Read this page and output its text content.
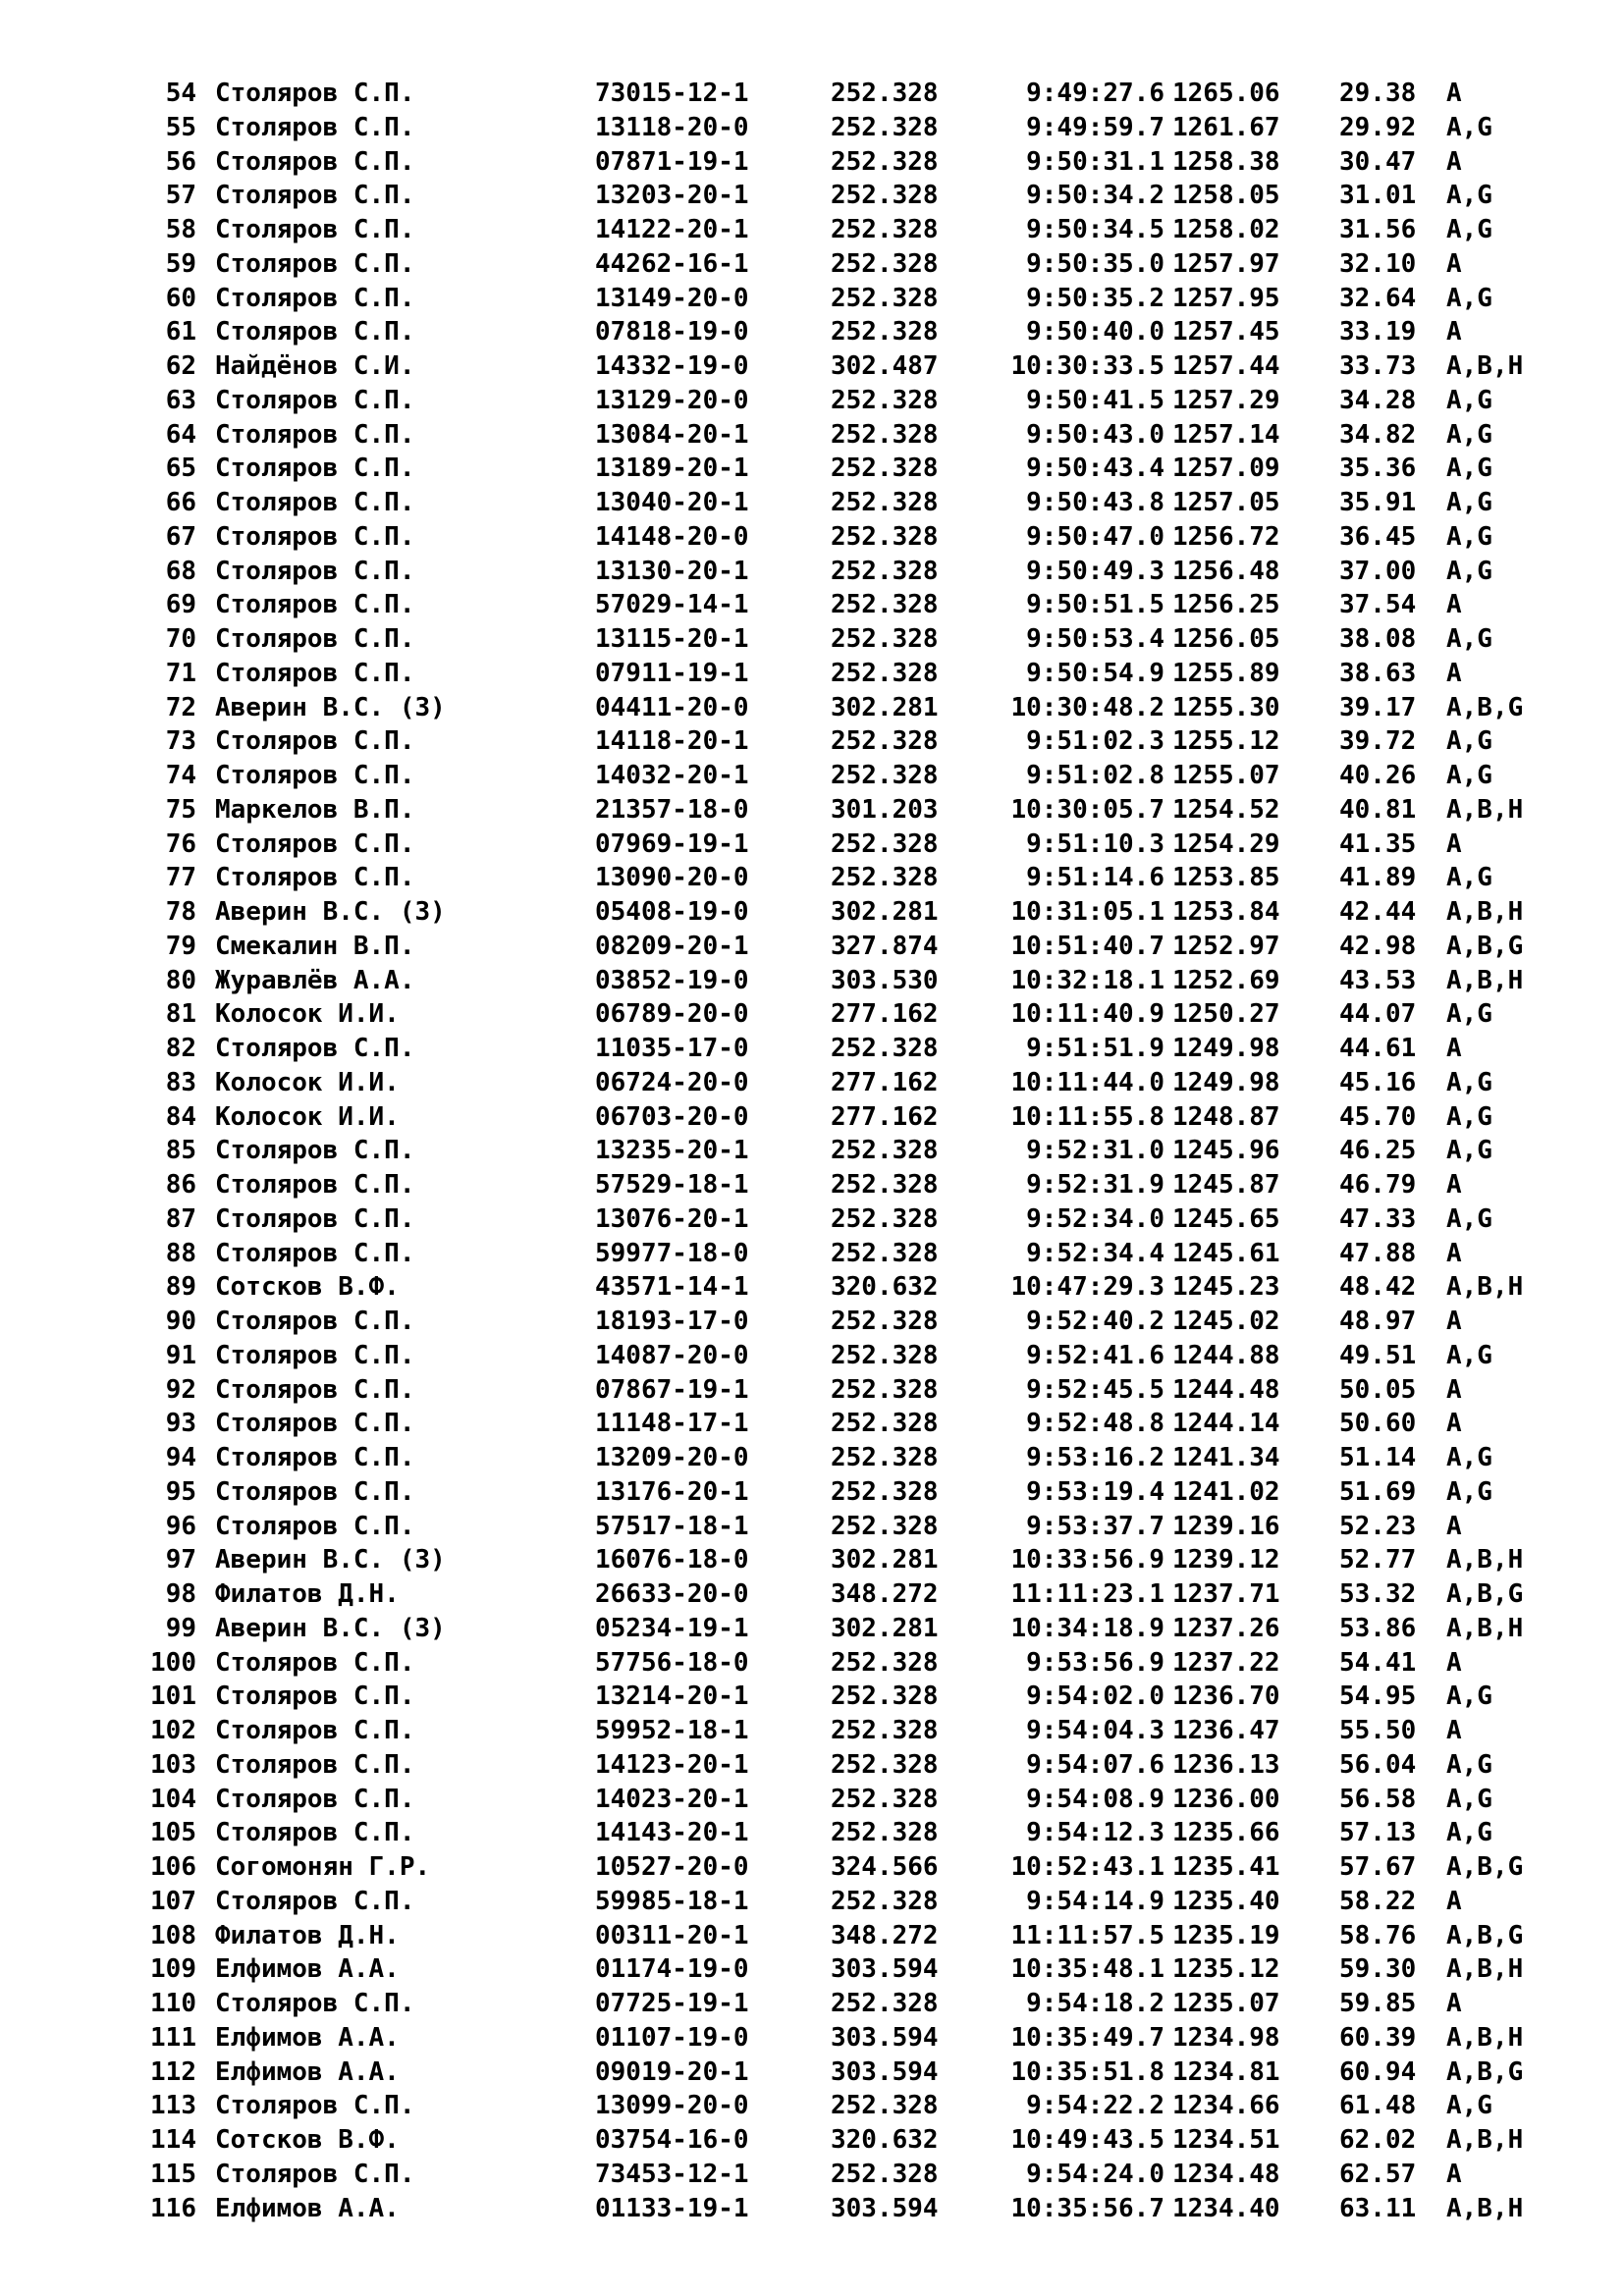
54 Столяров С.П.	73015-12-1	252.328	9:49:27.6 1265.06 29.38 A
55 Столяров С.П.	13118-20-0	252.328	9:49:59.7 1261.67 29.92 A,G
56 Столяров С.П.	07871-19-1	252.328	9:50:31.1 1258.38 30.47 A
57 Столяров С.П.	13203-20-1	252.328	9:50:34.2 1258.05 31.01 A,G
58 Столяров С.П.	14122-20-1	252.328	9:50:34.5 1258.02 31.56 A,G
59 Столяров С.П.	44262-16-1	252.328	9:50:35.0 1257.97 32.10 A
60 Столяров С.П.	13149-20-0	252.328	9:50:35.2 1257.95 32.64 A,G
61 Столяров С.П.	07818-19-0	252.328	9:50:40.0 1257.45 33.19 A
62 Найдёнов С.И.	14332-19-0	302.487	10:30:33.5 1257.44 33.73 A,B,H
63 Столяров С.П.	13129-20-0	252.328	9:50:41.5 1257.29 34.28 A,G
64 Столяров С.П.	13084-20-1	252.328	9:50:43.0 1257.14 34.82 A,G
65 Столяров С.П.	13189-20-1	252.328	9:50:43.4 1257.09 35.36 A,G
66 Столяров С.П.	13040-20-1	252.328	9:50:43.8 1257.05 35.91 A,G
67 Столяров С.П.	14148-20-0	252.328	9:50:47.0 1256.72 36.45 A,G
68 Столяров С.П.	13130-20-1	252.328	9:50:49.3 1256.48 37.00 A,G
69 Столяров С.П.	57029-14-1	252.328	9:50:51.5 1256.25 37.54 A
70 Столяров С.П.	13115-20-1	252.328	9:50:53.4 1256.05 38.08 A,G
71 Столяров С.П.	07911-19-1	252.328	9:50:54.9 1255.89 38.63 A
72 Аверин В.С. (З)	04411-20-0	302.281	10:30:48.2 1255.30 39.17 A,B,G
73 Столяров С.П.	14118-20-1	252.328	9:51:02.3 1255.12 39.72 A,G
74 Столяров С.П.	14032-20-1	252.328	9:51:02.8 1255.07 40.26 A,G
75 Маркелов В.П.	21357-18-0	301.203	10:30:05.7 1254.52 40.81 A,B,H
76 Столяров С.П.	07969-19-1	252.328	9:51:10.3 1254.29 41.35 A
77 Столяров С.П.	13090-20-0	252.328	9:51:14.6 1253.85 41.89 A,G
78 Аверин В.С. (З)	05408-19-0	302.281	10:31:05.1 1253.84 42.44 A,B,H
79 Смекалин В.П.	08209-20-1	327.874	10:51:40.7 1252.97 42.98 A,B,G
80 Журавлёв А.А.	03852-19-0	303.530	10:32:18.1 1252.69 43.53 A,B,H
81 Колосок И.И.	06789-20-0	277.162	10:11:40.9 1250.27 44.07 A,G
82 Столяров С.П.	11035-17-0	252.328	9:51:51.9 1249.98 44.61 A
83 Колосок И.И.	06724-20-0	277.162	10:11:44.0 1249.98 45.16 A,G
84 Колосок И.И.	06703-20-0	277.162	10:11:55.8 1248.87 45.70 A,G
85 Столяров С.П.	13235-20-1	252.328	9:52:31.0 1245.96 46.25 A,G
86 Столяров С.П.	57529-18-1	252.328	9:52:31.9 1245.87 46.79 A
87 Столяров С.П.	13076-20-1	252.328	9:52:34.0 1245.65 47.33 A,G
88 Столяров С.П.	59977-18-0	252.328	9:52:34.4 1245.61 47.88 A
89 Сотсков В.Ф.	43571-14-1	320.632	10:47:29.3 1245.23 48.42 A,B,H
90 Столяров С.П.	18193-17-0	252.328	9:52:40.2 1245.02 48.97 A
91 Столяров С.П.	14087-20-0	252.328	9:52:41.6 1244.88 49.51 A,G
92 Столяров С.П.	07867-19-1	252.328	9:52:45.5 1244.48 50.05 A
93 Столяров С.П.	11148-17-1	252.328	9:52:48.8 1244.14 50.60 A
94 Столяров С.П.	13209-20-0	252.328	9:53:16.2 1241.34 51.14 A,G
95 Столяров С.П.	13176-20-1	252.328	9:53:19.4 1241.02 51.69 A,G
96 Столяров С.П.	57517-18-1	252.328	9:53:37.7 1239.16 52.23 A
97 Аверин В.С. (З)	16076-18-0	302.281	10:33:56.9 1239.12 52.77 A,B,H
98 Филатов Д.Н.	26633-20-0	348.272	11:11:23.1 1237.71 53.32 A,B,G
99 Аверин В.С. (З)	05234-19-1	302.281	10:34:18.9 1237.26 53.86 A,B,H
100 Столяров С.П.	57756-18-0	252.328	9:53:56.9 1237.22 54.41 A
101 Столяров С.П.	13214-20-1	252.328	9:54:02.0 1236.70 54.95 A,G
102 Столяров С.П.	59952-18-1	252.328	9:54:04.3 1236.47 55.50 A
103 Столяров С.П.	14123-20-1	252.328	9:54:07.6 1236.13 56.04 A,G
104 Столяров С.П.	14023-20-1	252.328	9:54:08.9 1236.00 56.58 A,G
105 Столяров С.П.	14143-20-1	252.328	9:54:12.3 1235.66 57.13 A,G
106 Согомонян Г.Р.	10527-20-0	324.566	10:52:43.1 1235.41 57.67 A,B,G
107 Столяров С.П.	59985-18-1	252.328	9:54:14.9 1235.40 58.22 A
108 Филатов Д.Н.	00311-20-1	348.272	11:11:57.5 1235.19 58.76 A,B,G
109 Елфимов А.А.	01174-19-0	303.594	10:35:48.1 1235.12 59.30 A,B,H
110 Столяров С.П.	07725-19-1	252.328	9:54:18.2 1235.07 59.85 A
111 Елфимов А.А.	01107-19-0	303.594	10:35:49.7 1234.98 60.39 A,B,H
112 Елфимов А.А.	09019-20-1	303.594	10:35:51.8 1234.81 60.94 A,B,G
113 Столяров С.П.	13099-20-0	252.328	9:54:22.2 1234.66 61.48 A,G
114 Сотсков В.Ф.	03754-16-0	320.632	10:49:43.5 1234.51 62.02 A,B,H
115 Столяров С.П.	73453-12-1	252.328	9:54:24.0 1234.48 62.57 A
116 Елфимов А.А.	01133-19-1	303.594	10:35:56.7 1234.40 63.11 A,B,H
